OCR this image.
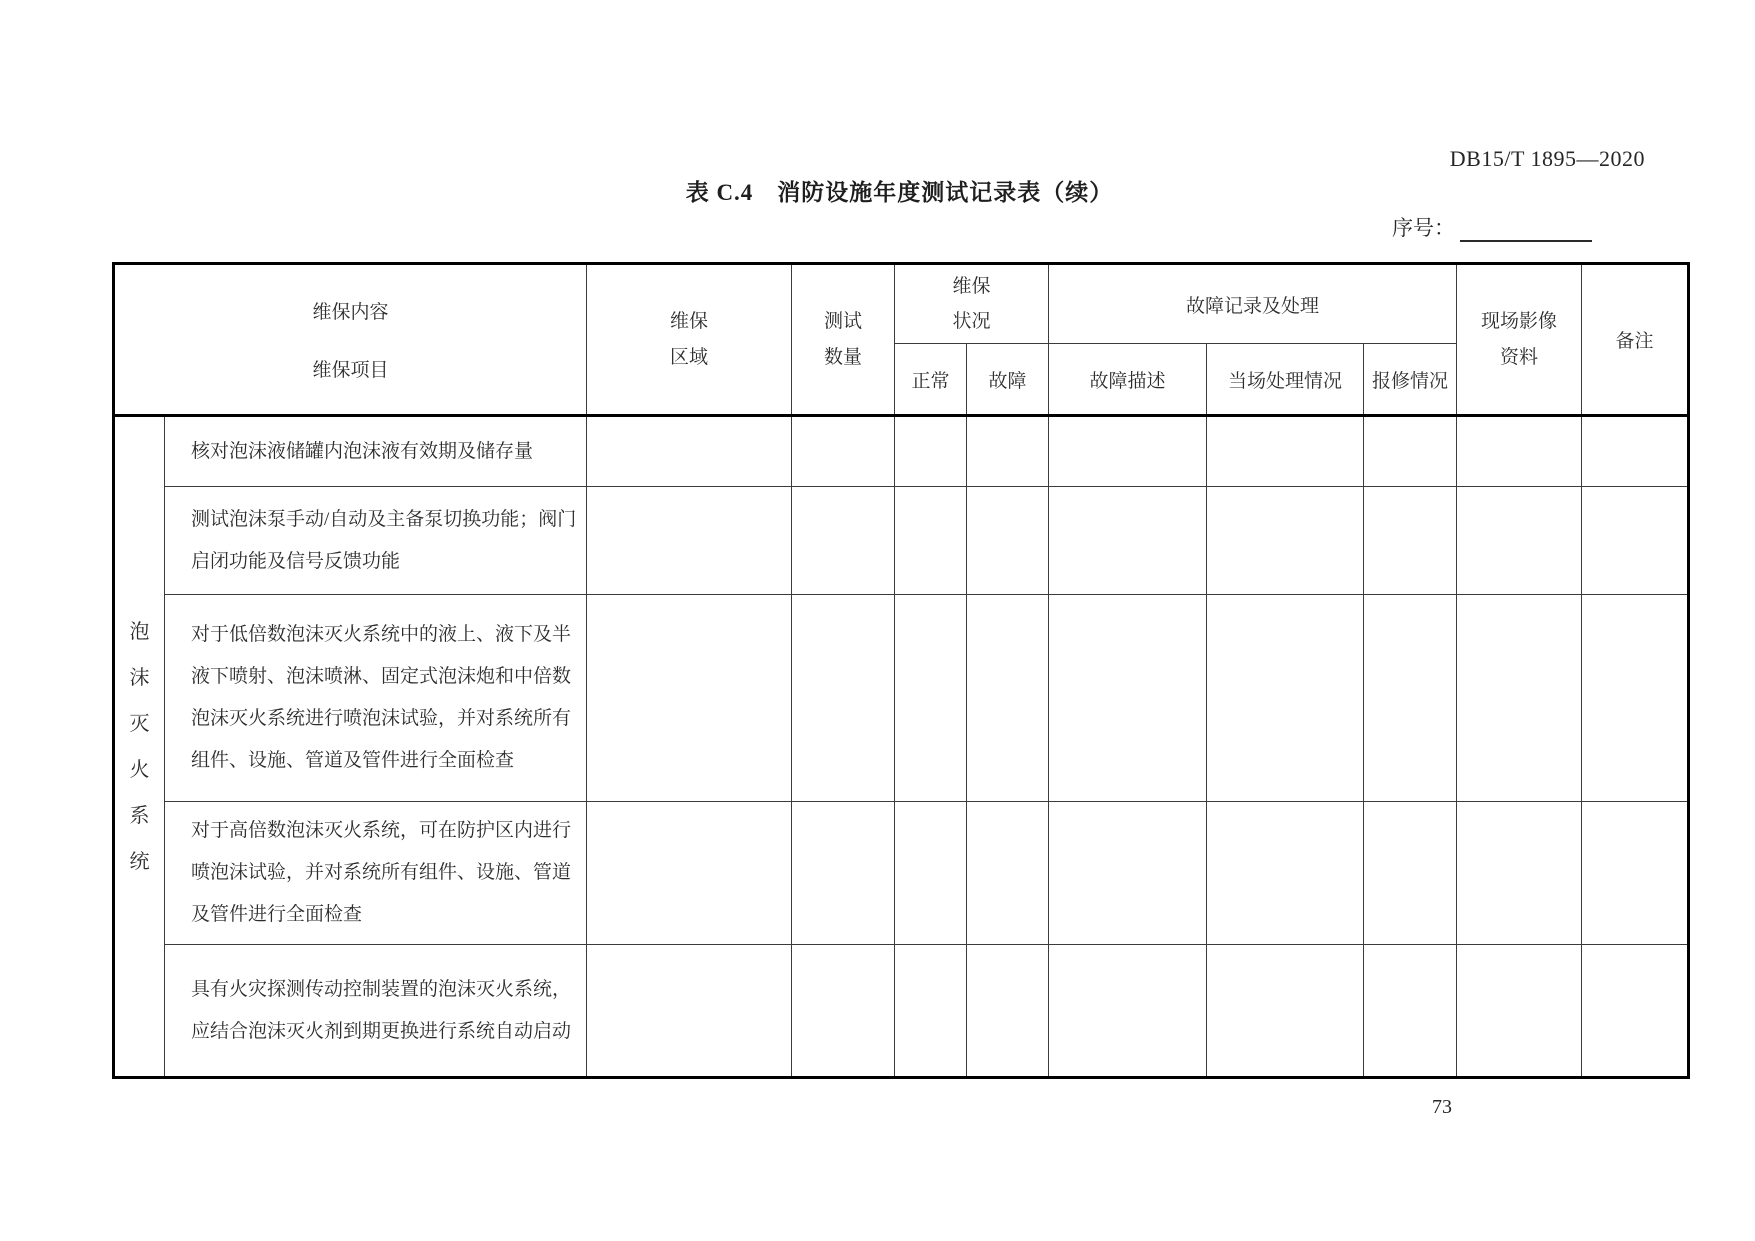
DB15/T 1895—2020
表 C.4　消防设施年度测试记录表（续）
序号：
维保内容
维保项目		维保区域	测试数量	维保状况		故障记录及处理			现场影像资料	备注
				正常	故障	故障描述	当场处理情况	报修情况		
泡沫灭火系统	核对泡沫液储罐内泡沫液有效期及储存量									
	测试泡沫泵手动/自动及主备泵切换功能；阀门启闭功能及信号反馈功能									
	对于低倍数泡沫灭火系统中的液上、液下及半液下喷射、泡沫喷淋、固定式泡沫炮和中倍数泡沫灭火系统进行喷泡沫试验，并对系统所有组件、设施、管道及管件进行全面检查									
	对于高倍数泡沫灭火系统，可在防护区内进行喷泡沫试验，并对系统所有组件、设施、管道及管件进行全面检查									
	具有火灾探测传动控制装置的泡沫灭火系统，应结合泡沫灭火剂到期更换进行系统自动启动									
73
